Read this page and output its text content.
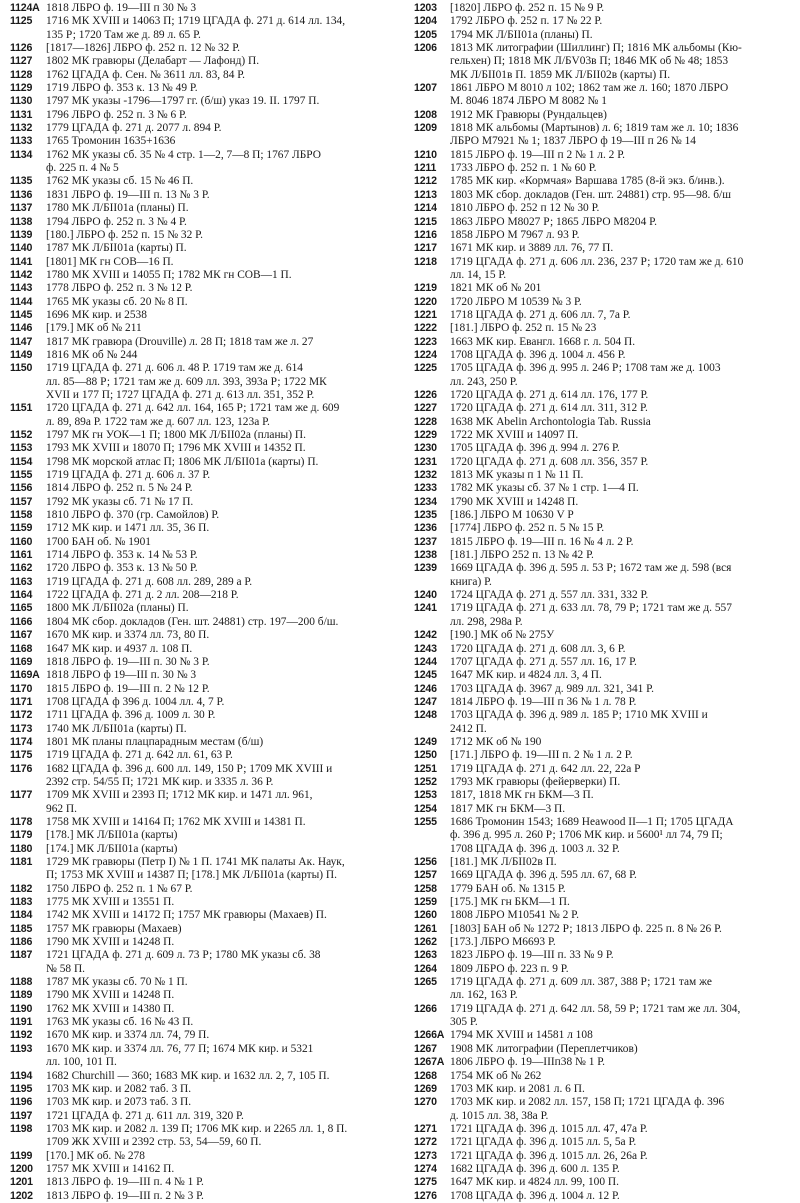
1124А 1818 ЛБРО ф. 19—III п 30 № 3
1125	1716 МК XVIII и 14063 П; 1719 ЦГАДА ф. 271 д. 614 лл. 134,
135 Р; 1720 Там же д. 89 л. 65 Р.
1126	[1817—1826] ЛБРО ф. 252 п. 12 № 32 Р.
1127	1802 МК гравюры (Делабарт — Лафонд) П.
1128	1762 ЦГАДА ф. Сен. № 3611 лл. 83, 84 Р.
1129	1719 ЛБРО ф. 353 к. 13 № 49 Р.
1130	1797 МК указы -1796—1797 гг. (б/ш) указ 19. II. 1797 П.
1131	1796 ЛБРО ф. 252 п. 3 № 6 Р.
1132	1779 ЦГАДА ф. 271 д. 2077 л. 894 Р.
1133	1765 Тромонин 1635+1636
1134	1762 МК указы сб. 35 № 4 стр. 1—2, 7—8 П; 1767 ЛБРО
ф. 225 п. 4 № 5
1135	1762 МК указы сб. 15 № 46 П.
1136	1831 ЛБРО ф. 19—III п. 13 № 3 Р.
1137	1780 МК Л/БII01а (планы) П.
1138	1794 ЛБРО ф. 252 п. 3 № 4 Р.
1139	[180.] ЛБРО ф. 252 п. 15 № 32 Р.
1140	1787 МК Л/БII01а (карты) П.
1141	[1801] МК гн СОВ—16 П.
1142	1780 МК XVIII и 14055 П; 1782 МК гн СОВ—1 П.
1143	1778 ЛБРО ф. 252 п. 3 № 12 Р.
1144	1765 МК указы сб. 20 № 8 П.
1145	1696 МК кир. и 2538
1146	[179.] МК об № 211
1147	1817 МК гравюра (Drouville) л. 28 П; 1818 там же л. 27
1149	1816 МК об № 244
1150	1719 ЦГАДА ф. 271 д. 606 л. 48 Р. 1719 там же д. 614
лл. 85—88 Р; 1721 там же д. 609 лл. 393, 393а Р; 1722 МК
XVII и 177 П; 1727 ЦГАДА ф. 271 д. 613 лл. 351, 352 Р.
1151	1720 ЦГАДА ф. 271 д. 642 лл. 164, 165 Р; 1721 там же д. 609
л. 89, 89а Р. 1722 там же д. 607 лл. 123, 123а Р.
1152	1797 МК гн УОК—1 П; 1800 МК Л/БII02а (планы) П.
1153	1793 МК XVIII и 18070 П; 1796 МК XVIII и 14352 П.
1154	1798 МК морской атлас П; 1806 МК Л/БII01а (карты) П.
1155	1719 ЦГАДА ф. 271 д. 606 л. 37 Р.
1156	1814 ЛБРО ф. 252 п. 5 № 24 Р.
1157	1792 МК указы сб. 71 № 17 П.
1158	1810 ЛБРО ф. 370 (гр. Самойлов) Р.
1159	1712 МК кир. и 1471 лл. 35, 36 П.
1160	1700 БАН об. № 1901
1161	1714 ЛБРО ф. 353 к. 14 № 53 Р.
1162	1720 ЛБРО ф. 353 к. 13 № 50 Р.
1163	1719 ЦГАДА ф. 271 д. 608 лл. 289, 289 а Р.
1164	1722 ЦГАДА ф. 271 д. 2 лл. 208—218 Р.
1165	1800 МК Л/БII02а (планы) П.
1166	1804 МК сбор. докладов (Ген. шт. 24881) стр. 197—200 б/ш.
1167	1670 МК кир. и 3374 лл. 73, 80 П.
1168	1647 МК кир. и 4937 л. 108 П.
1169	1818 ЛБРО ф. 19—III п. 30 № 3 Р.
1169А 1818 ЛБРО ф 19—III п. 30 № 3
1170	1815 ЛБРО ф. 19—III п. 2 № 12 Р.
1171	1708 ЦГАДА ф 396 д. 1004 лл. 4, 7 Р.
1172	1711 ЦГАДА ф. 396 д. 1009 л. 30 Р.
1173	1740 МК Л/БII01а (карты) П.
1174	1801 МК планы плацпарадным местам (б/ш)
1175	1719 ЦГАДА ф. 271 д. 642 лл. 61, 63 Р.
1176	1682 ЦГАДА ф. 396 д. 600 лл. 149, 150 Р; 1709 МК XVIII и
2392 стр. 54/55 П; 1721 МК кир. и 3335 л. 36 Р.
1177	1709 МК XVIII и 2393 П; 1712 МК кир. и 1471 лл. 961,
962 П.
1178	1758 МК XVIII и 14164 П; 1762 МК XVIII и 14381 П.
1179	[178.] МК Л/БII01а (карты)
1180	[174.] МК Л/БII01а (карты)
1181	1729 МК гравюры (Петр I) № 1 П. 1741 МК палаты Ак. Наук,
П; 1753 МК XVIII и 14387 П; [178.] МК Л/БII01а (карты) П.
1182	1750 ЛБРО ф. 252 п. 1 № 67 Р.
1183	1775 МК XVIII и 13551 П.
1184	1742 МК XVIII и 14172 П; 1757 МК гравюры (Махаев) П.
1185	1757 МК гравюры (Махаев)
1186	1790 МК XVIII и 14248 П.
1187	1721 ЦГАДА ф. 271 д. 609 л. 73 Р; 1780 МК указы сб. 38
№ 58 П.
1188	1787 МК указы сб. 70 № 1 П.
1189	1790 МК XVIII и 14248 П.
1190	1762 МК XVIII и 14380 П.
1191	1763 МК указы сб. 16 № 43 П.
1192	1670 МК кир. и 3374 лл. 74, 79 П.
1193	1670 МК кир. и 3374 лл. 76, 77 П; 1674 МК кир. и 5321
лл. 100, 101 П.
1194	1682 Churchill — 360; 1683 МК кир. и 1632 лл. 2, 7, 105 П.
1195	1703 МК кир. и 2082 таб. 3 П.
1196	1703 МК кир. и 2073 таб. 3 П.
1197	1721 ЦГАДА ф. 271 д. 611 лл. 319, 320 Р.
1198	1703 МК кир. и 2082 л. 139 П; 1706 МК кир. и 2265 лл. 1, 8 П.
1709 ЖК XVIII и 2392 стр. 53, 54—59, 60 П.
1199	[170.] МК об. № 278
1200	1757 МК XVIII и 14162 П.
1201	1813 ЛБРО ф. 19—III п. 4 № 1 Р.
1202	1813 ЛБРО ф. 19—III п. 2 № 3 Р.
1203	[1820] ЛБРО ф. 252 п. 15 № 9 Р.
1204	1792 ЛБРО ф. 252 п. 17 № 22 Р.
1205	1794 МК Л/БII01а (планы) П.
1206	1813 МК литографии (Шиллинг) П; 1816 МК альбомы (Кю-
гельхен) П; 1818 МК Л/БV03в П; 1846 МК об № 48; 1853
МК Л/БII01в П. 1859 МК Л/БII02в (карты) П.
1207	1861 ЛБРО М 8010 л 102; 1862 там же л. 160; 1870 ЛБРО
М. 8046 1874 ЛБРО М 8082 № 1
1208	1912 МК Гравюры (Рундальцев)
1209	1818 МК альбомы (Мартынов) л. 6; 1819 там же л. 10; 1836
ЛБРО М7921 № 1; 1837 ЛБРО ф 19—III п 26 № 14
1210	1815 ЛБРО ф. 19—III п 2 № 1 л. 2 Р.
1211	1733 ЛБРО ф. 252 п. 1 № 60 Р.
1212	1785 МК кир. «Кормчая» Варшава 1785 (8-й экз. б/инв.).
1213	1803 МК сбор. докладов (Ген. шт. 24881) стр. 95—98. б/ш
1214	1810 ЛБРО ф. 252 п 12 № 30 Р.
1215	1863 ЛБРО М8027 Р; 1865 ЛБРО М8204 Р.
1216	1858 ЛБРО М 7967 л. 93 Р.
1217	1671 МК кир. и 3889 лл. 76, 77 П.
1218	1719 ЦГАДА ф. 271 д. 606 лл. 236, 237 Р; 1720 там же д. 610
лл. 14, 15 Р.
1219	1821 МК об № 201
1220	1720 ЛБРО М 10539 № 3 Р.
1221	1718 ЦГАДА ф. 271 д. 606 лл. 7, 7а Р.
1222	[181.] ЛБРО ф. 252 п. 15 № 23
1223	1663 МК кир. Евангл. 1668 г. л. 504 П.
1224	1708 ЦГАДА ф. 396 д. 1004 л. 456 Р.
1225	1705 ЦГАДА ф. 396 д. 995 л. 246 Р; 1708 там же д. 1003
лл. 243, 250 Р.
1226	1720 ЦГАДА ф. 271 д. 614 лл. 176, 177 Р.
1227	1720 ЦГАДА ф. 271 д. 614 лл. 311, 312 Р.
1228	1638 МК Abelin Archontologia Tab. Russia
1229	1722 МК XVIII и 14097 П.
1230	1705 ЦГАДА ф. 396 д. 994 л. 276 Р.
1231	1720 ЦГАДА ф. 271 д. 608 лл. 356, 357 Р.
1232	1813 МК указы п 1 № 11 П.
1233	1782 МК указы сб. 37 № 1 стр. 1—4 П.
1234	1790 МК XVIII и 14248 П.
1235	[186.] ЛБРО М 10630 V Р
1236	[1774] ЛБРО ф. 252 п. 5 № 15 Р.
1237	1815 ЛБРО ф. 19—III п. 16 № 4 л. 2 Р.
1238	[181.] ЛБРО 252 п. 13 № 42 Р.
1239	1669 ЦГАДА ф. 396 д. 595 л. 53 Р; 1672 там же д. 598 (вся
книга) Р.
1240	1724 ЦГАДА ф. 271 д. 557 лл. 331, 332 Р.
1241	1719 ЦГАДА ф. 271 д. 633 лл. 78, 79 Р; 1721 там же д. 557
лл. 298, 298а Р.
1242	[190.] МК об № 275У
1243	1720 ЦГАДА ф. 271 д. 608 лл. 3, 6 Р.
1244	1707 ЦГАДА ф. 271 д. 557 лл. 16, 17 Р.
1245	1647 МК кир. и 4824 лл. 3, 4 П.
1246	1703 ЦГАДА ф. 3967 д. 989 лл. 321, 341 Р.
1247	1814 ЛБРО ф. 19—III п 36 № 1 л. 78 Р.
1248	1703 ЦГАДА ф. 396 д. 989 л. 185 Р; 1710 МК XVIII и
2412 П.
1249	1712 МК об № 190
1250	[171.] ЛБРО ф. 19—III п. 2 № 1 л. 2 Р.
1251	1719 ЦГАДА ф. 271 д. 642 лл. 22, 22а Р
1252	1793 МК гравюры (фейерверки) П.
1253	1817, 1818 МК гн БКМ—3 П.
1254	1817 МК гн БКМ—3 П.
1255	1686 Тромонин 1543; 1689 Heawood II—1 П; 1705 ЦГАДА
ф. 396 д. 995 л. 260 Р; 1706 МК кир. и 5600¹ лл 74, 79 П;
1708 ЦГАДА ф. 396 д. 1003 л. 32 Р.
1256	[181.] МК Л/БII02в П.
1257	1669 ЦГАДА ф. 396 д. 595 лл. 67, 68 Р.
1258	1779 БАН об. № 1315 Р.
1259	[175.] МК гн БКМ—1 П.
1260	1808 ЛБРО М10541 № 2 Р.
1261	[1803] БАН об № 1272 Р; 1813 ЛБРО ф. 225 п. 8 № 26 Р.
1262	[173.] ЛБРО М6693 Р.
1263	1823 ЛБРО ф. 19—III п. 33 № 9 Р.
1264	1809 ЛБРО ф. 223 п. 9 Р.
1265	1719 ЦГАДА ф. 271 д. 609 лл. 387, 388 Р; 1721 там же
лл. 162, 163 Р.
1266	1719 ЦГАДА ф. 271 д. 642 лл. 58, 59 Р; 1721 там же лл. 304,
305 Р.
1266А 1794 МК XVIII и 14581 л 108
1267	1908 МК литографии (Переплетчиков)
1267А 1806 ЛБРО ф. 19—IIIп38 № 1 Р.
1268	1754 МК об № 262
1269	1703 МК кир. и 2081 л. 6 П.
1270	1703 МК кир. и 2082 лл. 157, 158 П; 1721 ЦГАДА ф. 396
д. 1015 лл. 38, 38а Р.
1271	1721 ЦГАДА ф. 396 д. 1015 лл. 47, 47а Р.
1272	1721 ЦГАДА ф. 396 д. 1015 лл. 5, 5а Р.
1273	1721 ЦГАДА ф. 396 д. 1015 лл. 26, 26а Р.
1274	1682 ЦГАДА ф. 396 д. 600 л. 135 Р.
1275	1647 МК кир. и 4824 лл. 99, 100 П.
1276	1708 ЦГАДА ф. 396 д. 1004 л. 12 Р.
